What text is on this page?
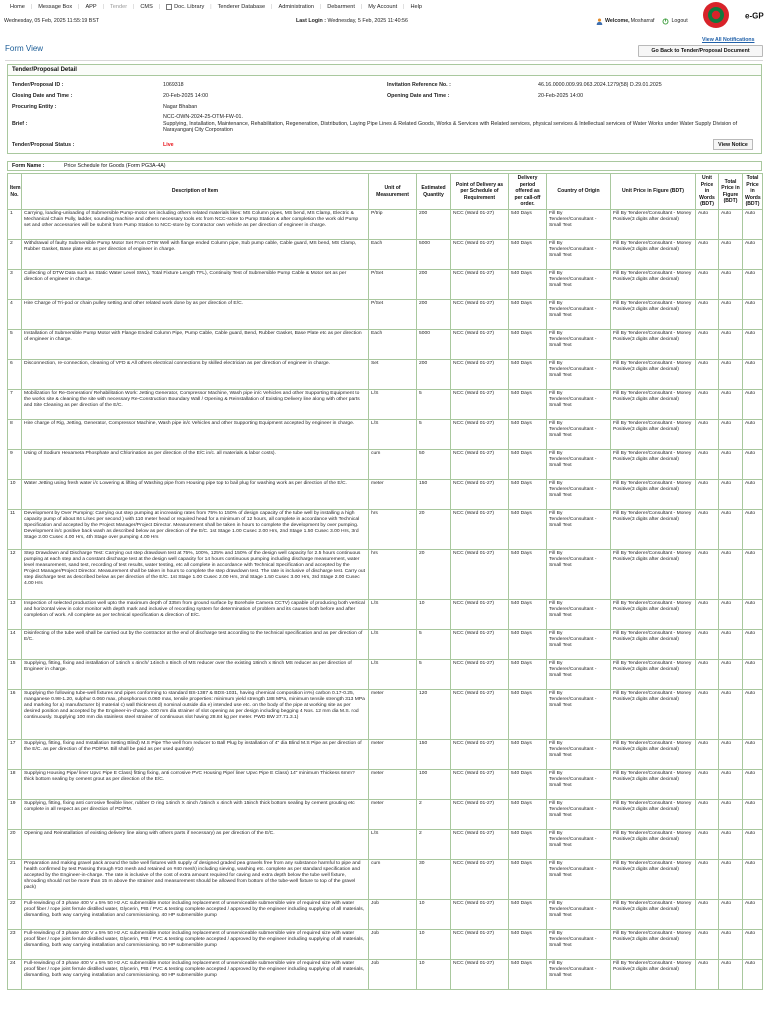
Home | Message Box | APP | Tender | CMS |	Doc. Library | Tenderer Database | Administration | Debarment | My Account | Help
Wednesday, 05 Feb, 2025 11:55:19 BST	Last Login : Wednesday, 5 Feb, 2025 11:40:56	Welcome, Mosharraf	Logout
BPPA e-GP
View All Notifications
Form View	Go Back to Tender/Proposal Document
Tender/Proposal Detail
Tender/Proposal ID :	1069318	Invitation Reference No. :	46.16.0000.009.99.063.2024.1279(58) D.29.01.2025
Closing Date and Time :	20-Feb-2025 14:00	Opening Date and Time :	20-Feb-2025 14:00
Procuring Entity :	Nagar Bhaban
Brief :
NCC-OWN-2024-25-OTM-FW-01.
Supplying, Installation, Maintenance, Rehabilitation, Regeneration, Distribution, Laying Pipe Lines & Related Goods, Works & Services with Related services, physical services & Intellectual services of Water Works under Water Supply Division of Narayanganj City Corporation
Tender/Proposal Status :	Live	View Notice
Form Name :	Price Schedule for Goods (Form PG3A-4A)
Item No.	Description of Item	Unit of Measurement	Estimated Quantity	Point of Delivery as per Schedule of Requirement	Delivery period offered as per call-off order.	Country of Origin	Unit Price in Figure (BDT)	Unit Price in Words (BDT)	Total Price in Figure (BDT)	Total Price in Words (BDT)
1	Carrying, loading-unloading of Submersible Pump-motor set including others related materials likes: MS Column pipes, MS bend, MS Clamp, Electric & Mechanical Chain Pully, ladder, sounding machine and others necessary tools etc from NCC-store to Pump Station & after completion the work old Pump set and other accessories will be submit from Pump Station to NCC-store by Contractor own vehicle as per direction of engineer in charge.	P/trip	200	NCC (Ward 01-27)	540 Days	Fill By Tenderer/Consultant - Small Text	Fill By Tenderer/Consultant - Money Positive(3 digits after decimal)	Auto	Auto	Auto
2	Withdrawal of faulty Submersible Pump Motor Set From DTW Well with flange ended Column pipe, Sub pump cable, Cable guard, MS bend, MS Clamp, Rubber Gasket, Base plate etc as per direction of engineer in charge.	Each	5000	NCC (Ward 01-27)	540 Days	Fill By Tenderer/Consultant - Small Text	Fill By Tenderer/Consultant - Money Positive(3 digits after decimal)	Auto	Auto	Auto
3	Collecting of DTW Data such as Static Water Level SWL), Total Fixture Length TFL), Continuity Test of Submersible Pump Cable & Motor set as per direction of engineer in charge.	P/Set	200	NCC (Ward 01-27)	540 Days	Fill By Tenderer/Consultant - Small Text	Fill By Tenderer/Consultant - Money Positive(3 digits after decimal)	Auto	Auto	Auto
4	Hire Charge of Tri-pod or chain pulley setting and other related work done by as per direction of E/C.	P/Set	200	NCC (Ward 01-27)	540 Days	Fill By Tenderer/Consultant - Small Text	Fill By Tenderer/Consultant - Money Positive(3 digits after decimal)	Auto	Auto	Auto
5	Installation of Submersible Pump Motor with Flange Ended Column Pipe, Pump Cable, Cable guard, Bend, Rubber Gasket, Base Plate etc as per direction of engineer in charge.	Each	5000	NCC (Ward 01-27)	540 Days	Fill By Tenderer/Consultant - Small Text	Fill By Tenderer/Consultant - Money Positive(3 digits after decimal)	Auto	Auto	Auto
6	Disconnection, re-connection, cleaning of VFD & All others electrical connections by skilled electrician as per direction of engineer in charge.	Set	200	NCC (Ward 01-27)	540 Days	Fill By Tenderer/Consultant - Small Text	Fill By Tenderer/Consultant - Money Positive(3 digits after decimal)	Auto	Auto	Auto
7	Mobilization for Re-Generation/ Rehabilitation Work: Jetting Generator, Compressor Machine, Wash pipe in/c Vehicles and other Supporting Equipment to the works site & cleaning the site with necessary Re-Construction Boundary Wall / Opening & Reinstallation of Existing Delivery line along with other parts and Site Cleaning as per direction of the E/C.	L/S	5	NCC (Ward 01-27)	540 Days	Fill By Tenderer/Consultant - Small Text	Fill By Tenderer/Consultant - Money Positive(3 digits after decimal)	Auto	Auto	Auto
8	Hire charge of Rig, Jetting, Generator, Compressor Machine, Wash pipe in/c Vehicles and other Supporting Equipment accepted by engineer in charge.	L/S	5	NCC (Ward 01-27)	540 Days	Fill By Tenderer/Consultant - Small Text	Fill By Tenderer/Consultant - Money Positive(3 digits after decimal)	Auto	Auto	Auto
9	Using of Sodium Hexameta Phosphate and Chlorination as per direction of the E/C in/c. all materials & labor costs).	cum	50	NCC (Ward 01-27)	540 Days	Fill By Tenderer/Consultant - Small Text	Fill By Tenderer/Consultant - Money Positive(3 digits after decimal)	Auto	Auto	Auto
10	Water Jetting using fresh water i/c Lowering & lifting of Washing pipe from Housing pipe top to bail plug for washing work as per direction of the E/C.	meter	150	NCC (Ward 01-27)	540 Days	Fill By Tenderer/Consultant - Small Text	Fill By Tenderer/Consultant - Money Positive(3 digits after decimal)	Auto	Auto	Auto
11	Development by Over Pumping: Carrying out step pumping at increasing rates from 75% to 150% of design capacity of the tube well by installing a high capacity pump of about 84 L/sec per second ) with 110 meter head or required head for a minimum of 12 hours, all complete in accordance with Technical Specification and accepted by the Project Manager/Project Director. Measurement shall be taken in hours to complete the development by over pumping. Development in/c positive back wash as described below as per direction of the E/C. 1st Stage 1.00 Cusec 2.00 Hrs, 2nd Stage 1.50 Cusec 3.00 Hrs, 3rd Stage 2.00 Cusec 4.00 Hrs, 4th Stage over pumping 4.00 Hrs	hrs	20	NCC (Ward 01-27)	540 Days	Fill By Tenderer/Consultant - Small Text	Fill By Tenderer/Consultant - Money Positive(3 digits after decimal)	Auto	Auto	Auto
12	Step Drawdown and Discharge Test: Carrying out step drawdown test at 75%, 100%, 125% and 150% of the design well capacity for 2.5 hours continuous pumping at each step and a constant discharge test at the design well capacity for 14 hours continuous pumping including discharge measurement, water level measurement, sand test, recording of test results, water testing, etc all complete in accordance with Technical Specification and accepted by the Project Manager/Project Director. Measurement shall be taken in hours to complete the step drawdown test. The rate is inclusive of discharge test. Carry out step discharge test as described below as per direction of the E/C. 1st Stage 1.00 Cusec 2.00 Hrs, 2nd Stage 1.50 Cusec 3.00 Hrs, 3rd Stage 2.00 Cusec 4.00 Hrs	hrs	20	NCC (Ward 01-27)	540 Days	Fill By Tenderer/Consultant - Small Text	Fill By Tenderer/Consultant - Money Positive(3 digits after decimal)	Auto	Auto	Auto
13	Inspection of selected production well upto the maximum depth of 335m from ground surface by Borehole Camera CCTV) capable of producing both vertical and horizontal view in color monitor with depth mark and inclusive of recording system for determination of problem and its causes both before and after completion of work. All complete as per technical specification & direction of E/C.	L/S	10	NCC (Ward 01-27)	540 Days	Fill By Tenderer/Consultant - Small Text	Fill By Tenderer/Consultant - Money Positive(3 digits after decimal)	Auto	Auto	Auto
14	Disinfecting of the tube well shall be carried out by the contractor at the end of discharge test according to the technical specification and as per direction of E/C.	L/S	5	NCC (Ward 01-27)	540 Days	Fill By Tenderer/Consultant - Small Text	Fill By Tenderer/Consultant - Money Positive(3 digits after decimal)	Auto	Auto	Auto
15	Supplying, fitting, fixing and installation of 14inch x 4inch/ 14inch x 8inch of MS reducer over the existing 18inch x 8inch MS reducer as per direction of Engineer in charge.	L/S	5	NCC (Ward 01-27)	540 Days	Fill By Tenderer/Consultant - Small Text	Fill By Tenderer/Consultant - Money Positive(3 digits after decimal)	Auto	Auto	Auto
16	Supplying the following tube-well fixtures and pipes conforming to standard BS-1387 & BDS-1031, having chemical composition in%) carbon 0.17-0.25, manganese 0.98-1.20, sulphur 0.060 max, phosphorous 0.060 max, tensile properties: minimum yield strength 188 MPa, minimum tensile strength 313 MPa and marking for a) manufacturer b) material c) wall thickness d) nominal outside dia e) intended use etc. on the body of the pipe at working site as per desired position and accepted by the Engineer-in-charge. 100 mm dia strainer of slot opening as per design including begging 4 Nos. 12 mm dia M.S. rod continuously. Supplying 100 mm dia stainless steel strainer of continuous slot having 28.84 kg per meter. PWD BW 27.71.3.1)	meter	120	NCC (Ward 01-27)	540 Days	Fill By Tenderer/Consultant - Small Text	Fill By Tenderer/Consultant - Money Positive(3 digits after decimal)	Auto	Auto	Auto
17	Supplying, fitting, fixing and Installation Setting Blind) M.S Pipe The well from reducer to Ball Plug by installation of 4" dia Blind M.S Pipe as per direction of the E/C. as per direction of the PD/PM. Bill shall be paid as per used quantity)	meter	150	NCC (Ward 01-27)	540 Days	Fill By Tenderer/Consultant - Small Text	Fill By Tenderer/Consultant - Money Positive(3 digits after decimal)	Auto	Auto	Auto
18	Supplying Housing Pipe/ liner Upvc Pipe E Class) fitting fixing, anti corrosive PVC Housing Pipe/ liner Upvc Pipe E Class) 14" minimum Thickess 6mm? thick bottom sealing by cement grout as per direction of the E/C.	meter	100	NCC (Ward 01-27)	540 Days	Fill By Tenderer/Consultant - Small Text	Fill By Tenderer/Consultant - Money Positive(3 digits after decimal)	Auto	Auto	Auto
19	Supplying, fitting, fixing anti corrosive flexible liner, rubber O ring 14inch X 4inch /16inch x 4inch with 15inch thick bottom sealing by cement grouting etc complete in all respect as per direction of PD/PM.	meter	2	NCC (Ward 01-27)	540 Days	Fill By Tenderer/Consultant - Small Text	Fill By Tenderer/Consultant - Money Positive(3 digits after decimal)	Auto	Auto	Auto
20	Opening and Reinstallation of existing delivery line along with others parts if necessary) as per direction of the E/C.	L/S	2	NCC (Ward 01-27)	540 Days	Fill By Tenderer/Consultant - Small Text	Fill By Tenderer/Consultant - Money Positive(3 digits after decimal)	Auto	Auto	Auto
21	Preparation and making gravel pack around the tube well fixtures with supply of designed graded pea gravels free from any substance harmful to pipe and health confirmed by test Passing through #10 mesh and retained on #40 mesh) including sieving, washing etc. complete as per standard specification and accepted by the Engineer-in-charge. The rate is inclusive of the cost of extra amount required for caving and extra depth below the tube well fixture, shrouding should not be more than 15 m above the strainer and measurement should be allowed from bottom of the tube-well fixture to top of the gravel pack)	cum	30	NCC (Ward 01-27)	540 Days	Fill By Tenderer/Consultant - Small Text	Fill By Tenderer/Consultant - Money Positive(3 digits after decimal)	Auto	Auto	Auto
22	Full-rewinding of 3 phase 400 V ± 5% 50 Hz AC submersible motor including replacement of unserviceable submersible wire of required size with water proof fiber / rope joint ferrule distilled water, Glycerin, PIB / PVC & testing complete accepted / approved by the engineer including supplying of all materials, dismantling, both way carrying installation and commissioning. 40 HP submersible pump	Job	10	NCC (Ward 01-27)	540 Days	Fill By Tenderer/Consultant - Small Text	Fill By Tenderer/Consultant - Money Positive(3 digits after decimal)	Auto	Auto	Auto
23	Full-rewinding of 3 phase 400 V ± 5% 50 Hz AC submersible motor including replacement of unserviceable submersible wire of required size with water proof fiber / rope joint ferrule distilled water, Glycerin, PIB / PVC & testing complete accepted / approved by the engineer including supplying of all materials, dismantling, both way carrying installation and commissioning. 50 HP submersible pump	Job	10	NCC (Ward 01-27)	540 Days	Fill By Tenderer/Consultant - Small Text	Fill By Tenderer/Consultant - Money Positive(3 digits after decimal)	Auto	Auto	Auto
24	Full-rewinding of 3 phase 400 V ± 5% 50 Hz AC submersible motor including replacement of unserviceable submersible wire of required size with water proof fiber / rope joint ferrule distilled water, Glycerin, PIB / PVC & testing complete accepted / approved by the engineer including supplying of all materials, dismantling, both way carrying installation and commissioning. 60 HP submersible pump	Job	10	NCC (Ward 01-27)	540 Days	Fill By Tenderer/Consultant - Small Text	Fill By Tenderer/Consultant - Money Positive(3 digits after decimal)	Auto	Auto	Auto
